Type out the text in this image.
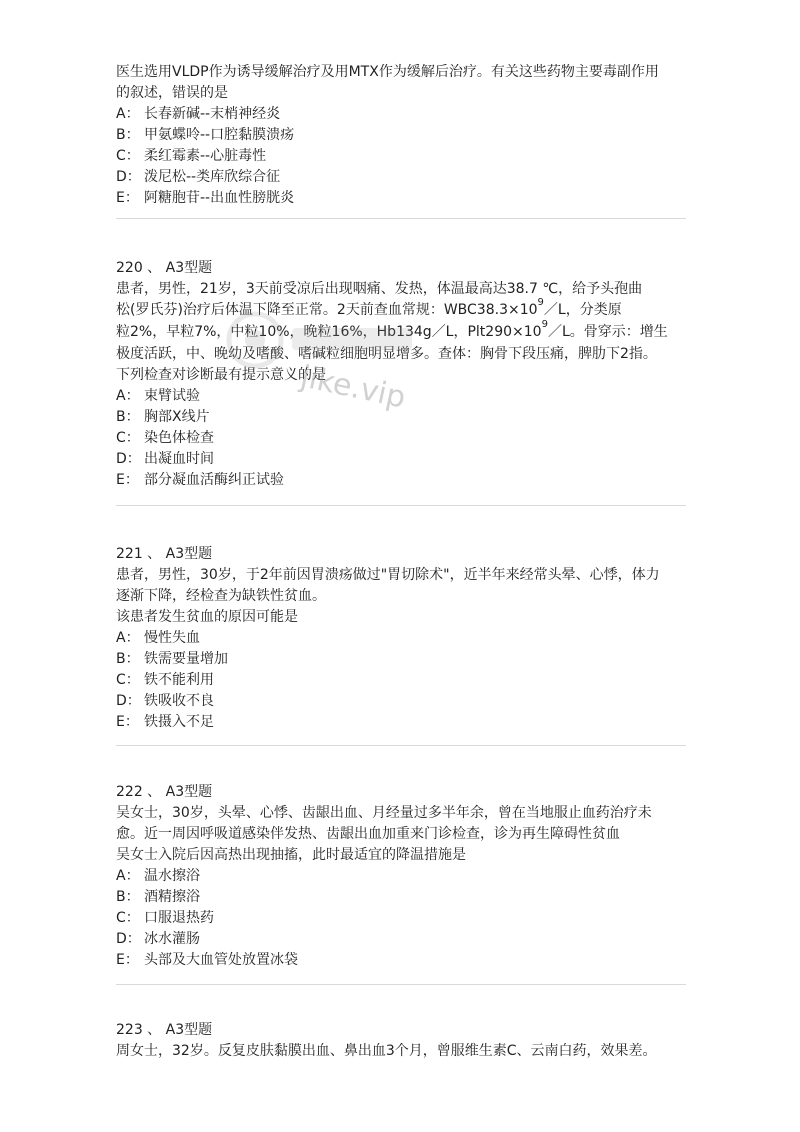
医生选用VLDP作为诱导缓解治疗及用MTX作为缓解后治疗。有关这些药物主要毒副作用
的叙述，错误的是
A： 长春新碱--末梢神经炎
B： 甲氨蝶呤--口腔黏膜溃疡
C： 柔红霉素--心脏毒性
D： 泼尼松--类库欣综合征
E： 阿糖胞苷--出血性膀胱炎
220 、 A3型题
患者，男性，21岁，3天前受凉后出现咽痛、发热，体温最高达38.7 ℃，给予头孢曲
松(罗氏芬)治疗后体温下降至正常。2天前查血常规：$WBC38.3\times 10^9/L$，分类原
粒2%，早粒7%，中粒10%，晚粒16%，Hb134g／L，$Plt290\times 10^9/L$。骨穿示：增生
极度活跃，中、晚幼及嗜酸、嗜碱粒细胞明显增多。查体：胸骨下段压痛，脾肋下2指。
下列检查对诊断最有提示意义的是
A： 束臂试验
B： 胸部X线片
C： 染色体检查
D： 出凝血时间
E： 部分凝血活酶纠正试验
221 、 A3型题
患者，男性，30岁，于2年前因胃溃疡做过"胃切除术"，近半年来经常头晕、心悸，体力
逐渐下降，经检查为缺铁性贫血。
该患者发生贫血的原因可能是
A： 慢性失血
B： 铁需要量增加
C： 铁不能利用
D： 铁吸收不良
E： 铁摄入不足
222 、 A3型题
吴女士，30岁，头晕、心悸、齿龈出血、月经量过多半年余，曾在当地服止血药治疗未
愈。近一周因呼吸道感染伴发热、齿龈出血加重来门诊检查，诊为再生障碍性贫血
吴女士入院后因高热出现抽搐，此时最适宜的降温措施是
A： 温水擦浴
B： 酒精擦浴
C： 口服退热药
D： 冰水灌肠
E： 头部及大血管处放置冰袋
223 、 A3型题
周女士，32岁。反复皮肤黏膜出血、鼻出血3个月，曾服维生素C、云南白药，效果差。
jike.vip
